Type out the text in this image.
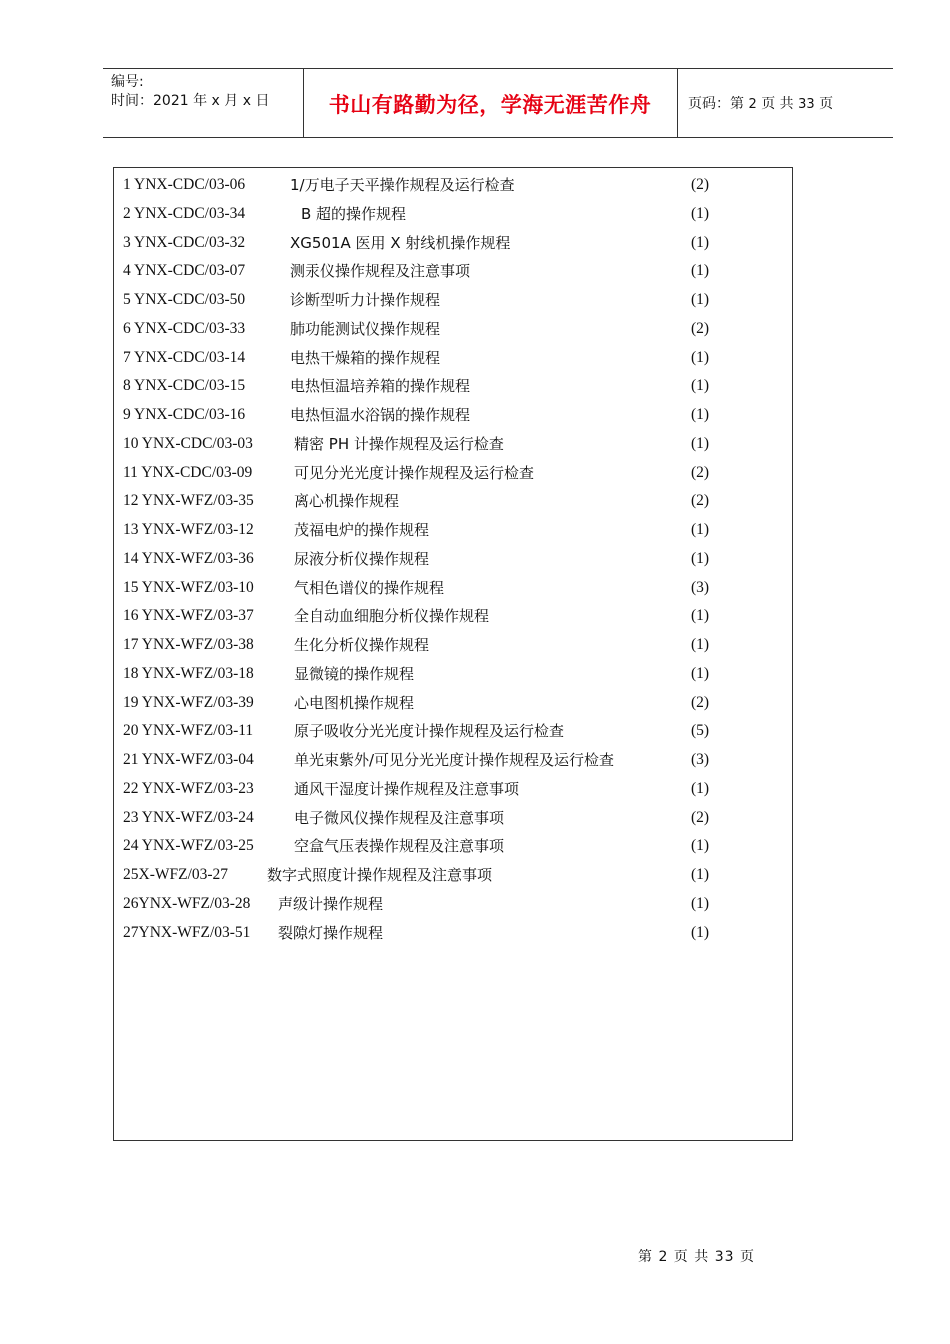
编号:
时间：2021 年 x 月 x 日	书山有路勤为径，学海无涯苦作舟	页码：第 2 页 共 33 页
1 YNX-CDC/03-06	1/万电子天平操作规程及运行检查	(2)
2 YNX-CDC/03-34	B 超的操作规程	(1)
3 YNX-CDC/03-32	XG501A 医用 X 射线机操作规程	(1)
4 YNX-CDC/03-07	测汞仪操作规程及注意事项	(1)
5 YNX-CDC/03-50	诊断型听力计操作规程	(1)
6 YNX-CDC/03-33	肺功能测试仪操作规程	(2)
7 YNX-CDC/03-14	电热干燥箱的操作规程	(1)
8 YNX-CDC/03-15	电热恒温培养箱的操作规程	(1)
9 YNX-CDC/03-16	电热恒温水浴锅的操作规程	(1)
10 YNX-CDC/03-03	精密 PH 计操作规程及运行检查	(1)
11 YNX-CDC/03-09	可见分光光度计操作规程及运行检查	(2)
12 YNX-WFZ/03-35	离心机操作规程	(2)
13 YNX-WFZ/03-12	茂福电炉的操作规程	(1)
14 YNX-WFZ/03-36	尿液分析仪操作规程	(1)
15 YNX-WFZ/03-10	气相色谱仪的操作规程	(3)
16 YNX-WFZ/03-37	全自动血细胞分析仪操作规程	(1)
17 YNX-WFZ/03-38	生化分析仪操作规程	(1)
18 YNX-WFZ/03-18	显微镜的操作规程	(1)
19 YNX-WFZ/03-39	心电图机操作规程	(2)
20 YNX-WFZ/03-11	原子吸收分光光度计操作规程及运行检查	(5)
21 YNX-WFZ/03-04	单光束紫外/可见分光光度计操作规程及运行检查	(3)
22 YNX-WFZ/03-23	通风干湿度计操作规程及注意事项	(1)
23 YNX-WFZ/03-24	电子微风仪操作规程及注意事项	(2)
24 YNX-WFZ/03-25	空盒气压表操作规程及注意事项	(1)
25X-WFZ/03-27	数字式照度计操作规程及注意事项	(1)
26YNX-WFZ/03-28 声级计操作规程	(1)
27YNX-WFZ/03-51 裂隙灯操作规程	(1)
第 2 页 共 33 页
